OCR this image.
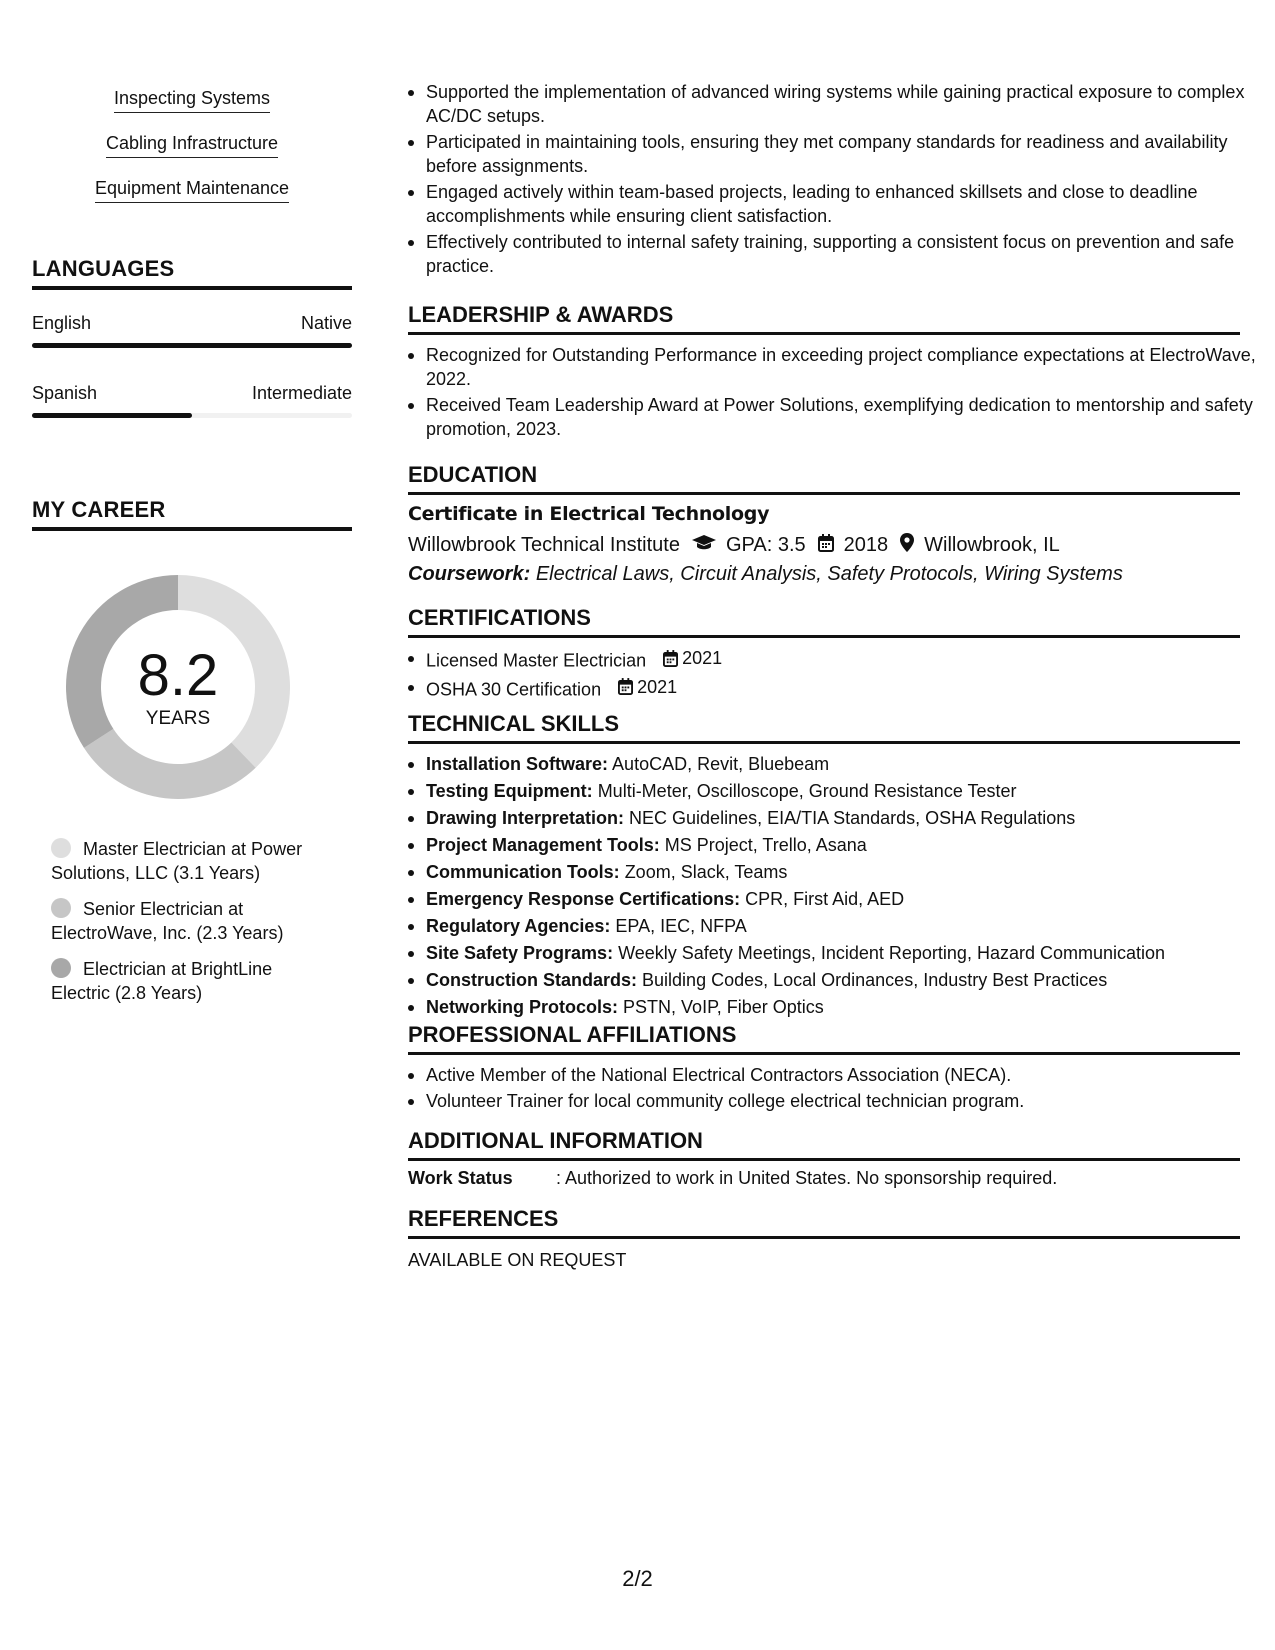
Inspecting Systems
Cabling Infrastructure
Equipment Maintenance
LANGUAGES
English	Native
Spanish	Intermediate
MY CAREER
8.2
YEARS
Master Electrician at Power Solutions, LLC (3.1 Years)
Senior Electrician at ElectroWave, Inc. (2.3 Years)
Electrician at BrightLine Electric (2.8 Years)
Supported the implementation of advanced wiring systems while gaining practical exposure to complex AC/DC setups.
Participated in maintaining tools, ensuring they met company standards for readiness and availability before assignments.
Engaged actively within team-based projects, leading to enhanced skillsets and close to deadline accomplishments while ensuring client satisfaction.
Effectively contributed to internal safety training, supporting a consistent focus on prevention and safe practice.
LEADERSHIP & AWARDS
Recognized for Outstanding Performance in exceeding project compliance expectations at ElectroWave, 2022.
Received Team Leadership Award at Power Solutions, exemplifying dedication to mentorship and safety promotion, 2023.
EDUCATION
Certificate in Electrical Technology
Willowbrook Technical Institute GPA: 3.5 2018 Willowbrook, IL
Coursework: Electrical Laws, Circuit Analysis, Safety Protocols, Wiring Systems
CERTIFICATIONS
Licensed Master Electrician 2021
OSHA 30 Certification 2021
TECHNICAL SKILLS
Installation Software: AutoCAD, Revit, Bluebeam
Testing Equipment: Multi-Meter, Oscilloscope, Ground Resistance Tester
Drawing Interpretation: NEC Guidelines, EIA/TIA Standards, OSHA Regulations
Project Management Tools: MS Project, Trello, Asana
Communication Tools: Zoom, Slack, Teams
Emergency Response Certifications: CPR, First Aid, AED
Regulatory Agencies: EPA, IEC, NFPA
Site Safety Programs: Weekly Safety Meetings, Incident Reporting, Hazard Communication
Construction Standards: Building Codes, Local Ordinances, Industry Best Practices
Networking Protocols: PSTN, VoIP, Fiber Optics
PROFESSIONAL AFFILIATIONS
Active Member of the National Electrical Contractors Association (NECA).
Volunteer Trainer for local community college electrical technician program.
ADDITIONAL INFORMATION
Work Status : Authorized to work in United States. No sponsorship required.
REFERENCES
AVAILABLE ON REQUEST
2/2
